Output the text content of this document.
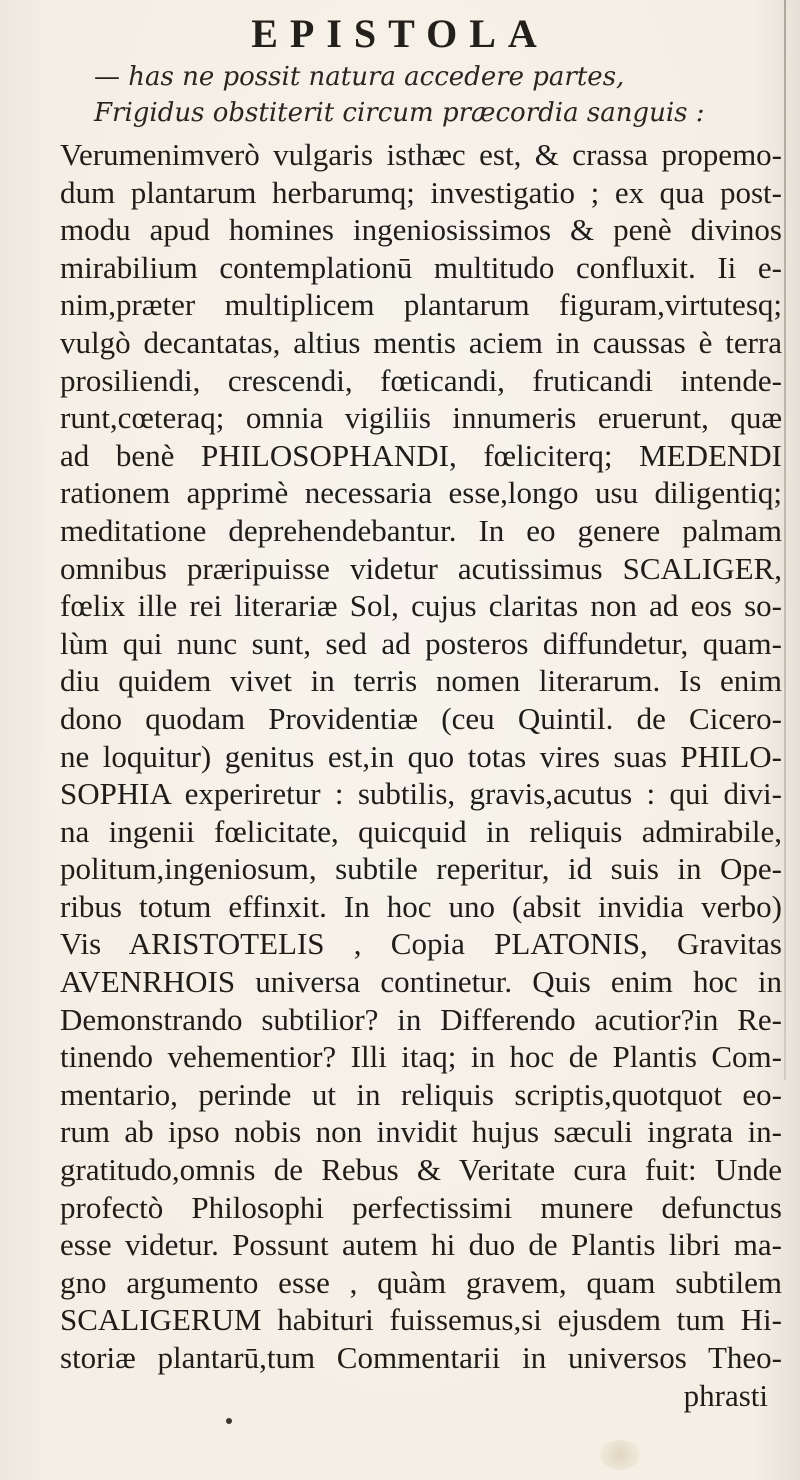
EPISTOLA
— has ne possit natura accedere partes,
Frigidus obstiterit circum præcordia sanguis :
Verumenimverò vulgaris isthæc est, & crassa propemo-
dum plantarum herbarumq; investigatio ; ex qua post-
modu apud homines ingeniosissimos & penè divinos
mirabilium contemplationū multitudo confluxit. Ii e-
nim,præter multiplicem plantarum figuram,virtutesq;
vulgò decantatas, altius mentis aciem in caussas è terra
prosiliendi, crescendi, fœticandi, fruticandi intende-
runt,cœteraq; omnia vigiliis innumeris eruerunt, quæ
ad benè PHILOSOPHANDI, fœliciterq; MEDENDI
rationem apprimè necessaria esse,longo usu diligentiq;
meditatione deprehendebantur. In eo genere palmam
omnibus præripuisse videtur acutissimus SCALIGER,
fœlix ille rei literariæ Sol, cujus claritas non ad eos so-
lùm qui nunc sunt, sed ad posteros diffundetur, quam-
diu quidem vivet in terris nomen literarum. Is enim
dono quodam Providentiæ (ceu Quintil. de Cicero-
ne loquitur) genitus est,in quo totas vires suas PHILO-
SOPHIA experiretur : subtilis, gravis,acutus : qui divi-
na ingenii fœlicitate, quicquid in reliquis admirabile,
politum,ingeniosum, subtile reperitur, id suis in Ope-
ribus totum effinxit. In hoc uno (absit invidia verbo)
Vis ARISTOTELIS , Copia PLATONIS, Gravitas
AVENRHOIS universa continetur. Quis enim hoc in
Demonstrando subtilior? in Differendo acutior?in Re-
tinendo vehementior? Illi itaq; in hoc de Plantis Com-
mentario, perinde ut in reliquis scriptis,quotquot eo-
rum ab ipso nobis non invidit hujus sæculi ingrata in-
gratitudo,omnis de Rebus & Veritate cura fuit: Unde
profectò Philosophi perfectissimi munere defunctus
esse videtur. Possunt autem hi duo de Plantis libri ma-
gno argumento esse , quàm gravem, quam subtilem
SCALIGERUM habituri fuissemus,si ejusdem tum Hi-
storiæ plantarū,tum Commentarii in universos Theo-
phrasti
